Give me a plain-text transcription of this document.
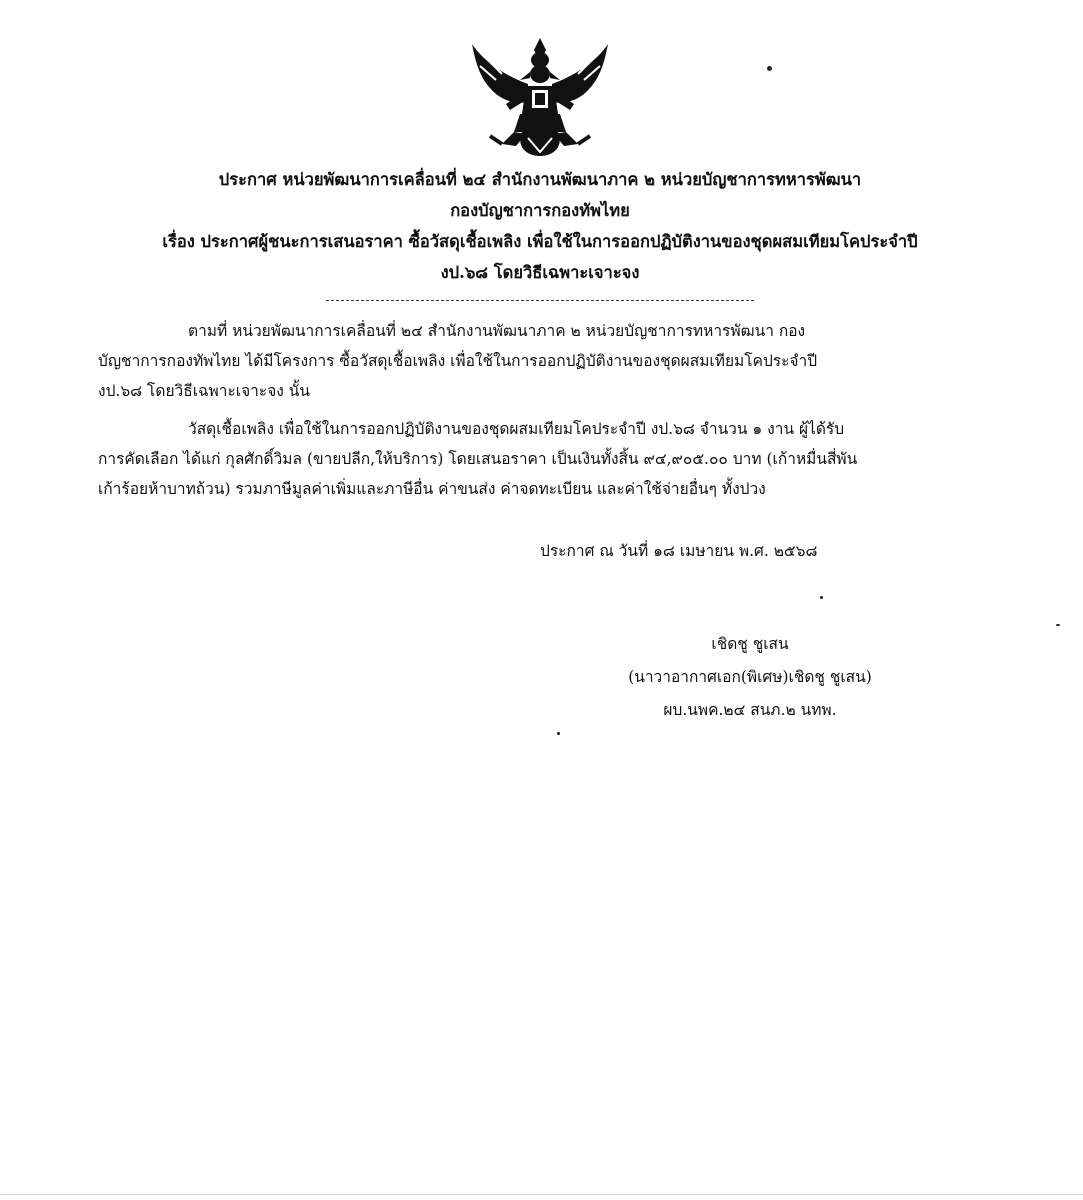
ประกาศ หน่วยพัฒนาการเคลื่อนที่ ๒๔ สำนักงานพัฒนาภาค ๒ หน่วยบัญชาการทหารพัฒนา
กองบัญชาการกองทัพไทย
เรื่อง ประกาศผู้ชนะการเสนอราคา ซื้อวัสดุเชื้อเพลิง เพื่อใช้ในการออกปฏิบัติงานของชุดผสมเทียมโคประจำปี
งป.๖๘ โดยวิธีเฉพาะเจาะจง
ตามที่ หน่วยพัฒนาการเคลื่อนที่ ๒๔ สำนักงานพัฒนาภาค ๒ หน่วยบัญชาการทหารพัฒนา กอง
บัญชาการกองทัพไทย ได้มีโครงการ ซื้อวัสดุเชื้อเพลิง เพื่อใช้ในการออกปฏิบัติงานของชุดผสมเทียมโคประจำปี
งป.๖๘ โดยวิธีเฉพาะเจาะจง นั้น
วัสดุเชื้อเพลิง เพื่อใช้ในการออกปฏิบัติงานของชุดผสมเทียมโคประจำปี งป.๖๘ จำนวน ๑ งาน ผู้ได้รับ
การคัดเลือก ได้แก่ กุลศักดิ์วิมล (ขายปลีก,ให้บริการ) โดยเสนอราคา เป็นเงินทั้งสิ้น ๙๔,๙๐๕.๐๐ บาท (เก้าหมื่นสี่พัน
เก้าร้อยห้าบาทถ้วน) รวมภาษีมูลค่าเพิ่มและภาษีอื่น ค่าขนส่ง ค่าจดทะเบียน และค่าใช้จ่ายอื่นๆ ทั้งปวง
ประกาศ ณ วันที่ ๑๘ เมษายน พ.ศ. ๒๕๖๘
เชิดชู ชูเสน
(นาวาอากาศเอก(พิเศษ)เชิดชู ชูเสน)
ผบ.นพค.๒๔ สนภ.๒ นทพ.
